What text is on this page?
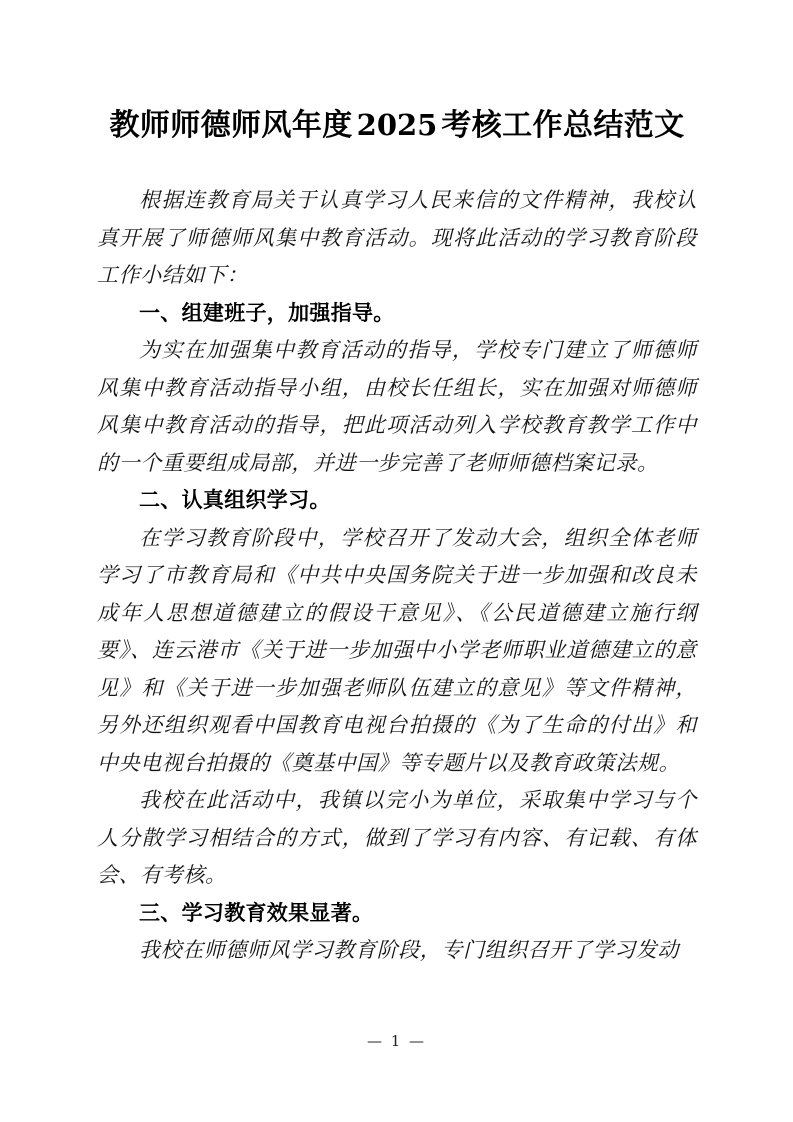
教师师德师风年度 2025 考核工作总结范文

根据连教育局关于认真学习人民来信的文件精神，我校认真开展了师德师风集中教育活动。现将此活动的学习教育阶段工作小结如下：

一、组建班子，加强指导。

为实在加强集中教育活动的指导，学校专门建立了师德师风集中教育活动指导小组，由校长任组长，实在加强对师德师风集中教育活动的指导，把此项活动列入学校教育教学工作中的一个重要组成局部，并进一步完善了老师师德档案记录。

二、认真组织学习。

在学习教育阶段中，学校召开了发动大会，组织全体老师学习了市教育局和《中共中央国务院关于进一步加强和改良未成年人思想道德建立的假设干意见》、《公民道德建立施行纲要》、连云港市《关于进一步加强中小学老师职业道德建立的意见》和《关于进一步加强老师队伍建立的意见》等文件精神，另外还组织观看中国教育电视台拍摄的《为了生命的付出》和中央电视台拍摄的《奠基中国》等专题片以及教育政策法规。

我校在此活动中，我镇以完小为单位，采取集中学习与个人分散学习相结合的方式，做到了学习有内容、有记载、有体会、有考核。

三、学习教育效果显著。

我校在师德师风学习教育阶段，专门组织召开了学习发动

— 1 —
